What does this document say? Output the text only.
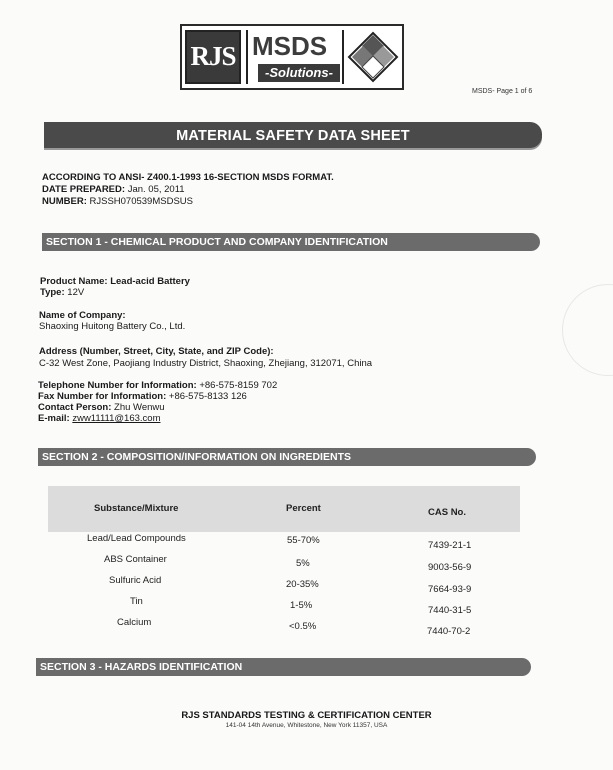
RJS MSDS
-Solutions-
MSDS- Page 1 of 6
MATERIAL SAFETY DATA SHEET
ACCORDING TO ANSI- Z400.1-1993 16-SECTION MSDS FORMAT.
DATE PREPARED: Jan. 05, 2011
NUMBER: RJSSH070539MSDSUS
SECTION 1 - CHEMICAL PRODUCT AND COMPANY IDENTIFICATION
Product Name: Lead-acid Battery
Type: 12V
Name of Company:
Shaoxing Huitong Battery Co., Ltd.
Address (Number, Street, City, State, and ZIP Code):
C-32 West Zone, Paojiang Industry District, Shaoxing, Zhejiang, 312071, China
Telephone Number for Information: +86-575-8159 702
Fax Number for Information: +86-575-8133 126
Contact Person: Zhu Wenwu
E-mail: zww11111@163.com
SECTION 2 - COMPOSITION/INFORMATION ON INGREDIENTS
Substance/Mixture	Percent	CAS No.
Lead/Lead Compounds	55-70%	7439-21-1
ABS Container	5%	9003-56-9
Sulfuric Acid	20-35%	7664-93-9
Tin	1-5%	7440-31-5
Calcium	<0.5%	7440-70-2
SECTION 3 - HAZARDS IDENTIFICATION
RJS STANDARDS TESTING & CERTIFICATION CENTER
141-04 14th Avenue, Whitestone, New York 11357, USA
